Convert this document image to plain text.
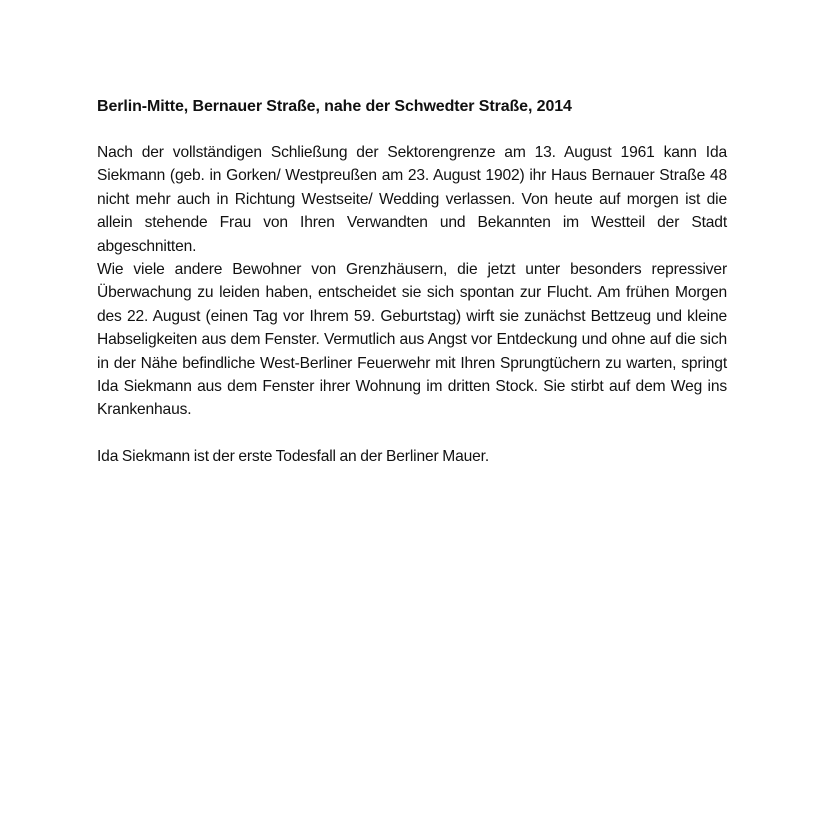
Berlin-Mitte, Bernauer Straße, nahe der Schwedter Straße, 2014

Nach der vollständigen Schließung der Sektorengrenze am 13. August 1961 kann Ida Siekmann (geb. in Gorken/ Westpreußen am 23. August 1902) ihr Haus Bernauer Straße 48 nicht mehr auch in Richtung Westseite/ Wedding verlassen. Von heute auf morgen ist die allein stehende Frau von Ihren Verwandten und Bekannten im Westteil der Stadt abgeschnitten.

Wie viele andere Bewohner von Grenzhäusern, die jetzt unter besonders repressiver Überwachung zu leiden haben, entscheidet sie sich spontan zur Flucht. Am frühen Morgen des 22. August (einen Tag vor Ihrem 59. Geburtstag) wirft sie zunächst Bettzeug und kleine Habseligkeiten aus dem Fenster. Vermutlich aus Angst vor Entdeckung und ohne auf die sich in der Nähe befindliche West-Berliner Feuerwehr mit Ihren Sprungtüchern zu warten, springt Ida Siekmann aus dem Fenster ihrer Wohnung im dritten Stock. Sie stirbt auf dem Weg ins Krankenhaus.

Ida Siekmann ist der erste Todesfall an der Berliner Mauer.
